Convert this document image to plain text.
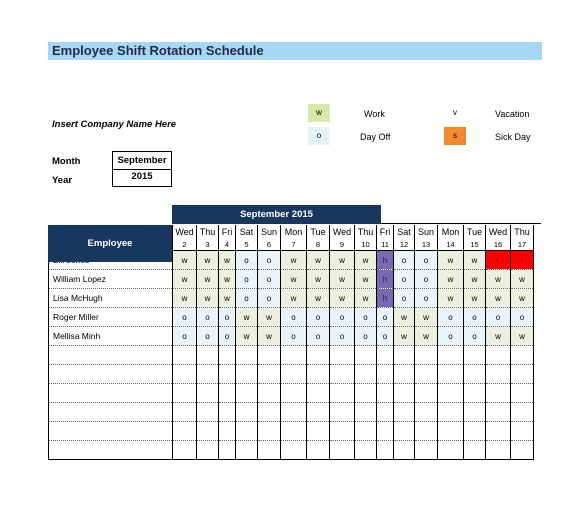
Employee Shift Rotation Schedule
Insert Company Name Here
Month	September
Year	2015
w	Work
o	Day Off
v	Vacation
s	Sick Day
	Wed	Thu	Fri	Sat	Sun	Mon	Tue	Wed	Thu	Fri	Sat	Sun	Mon	Tue	Wed	Thu
	2	3	4	5	6	7	8	9	10	11	12	13	14	15	16	17
	w	w	w	o	o	w	w	w	w	h	o	o	w	w	r	r
William Lopez	w	w	w	o	o	w	w	w	w	h	o	o	w	w	w	w
Lisa McHugh	w	w	w	o	o	w	w	w	w	h	o	o	w	w	w	w
Roger Miller	o	o	o	w	w	o	o	o	o	o	w	w	o	o	o	o
Mellisa Minh	o	o	o	w	w	o	o	o	o	o	w	w	o	o	w	w

Employee
September 2015
